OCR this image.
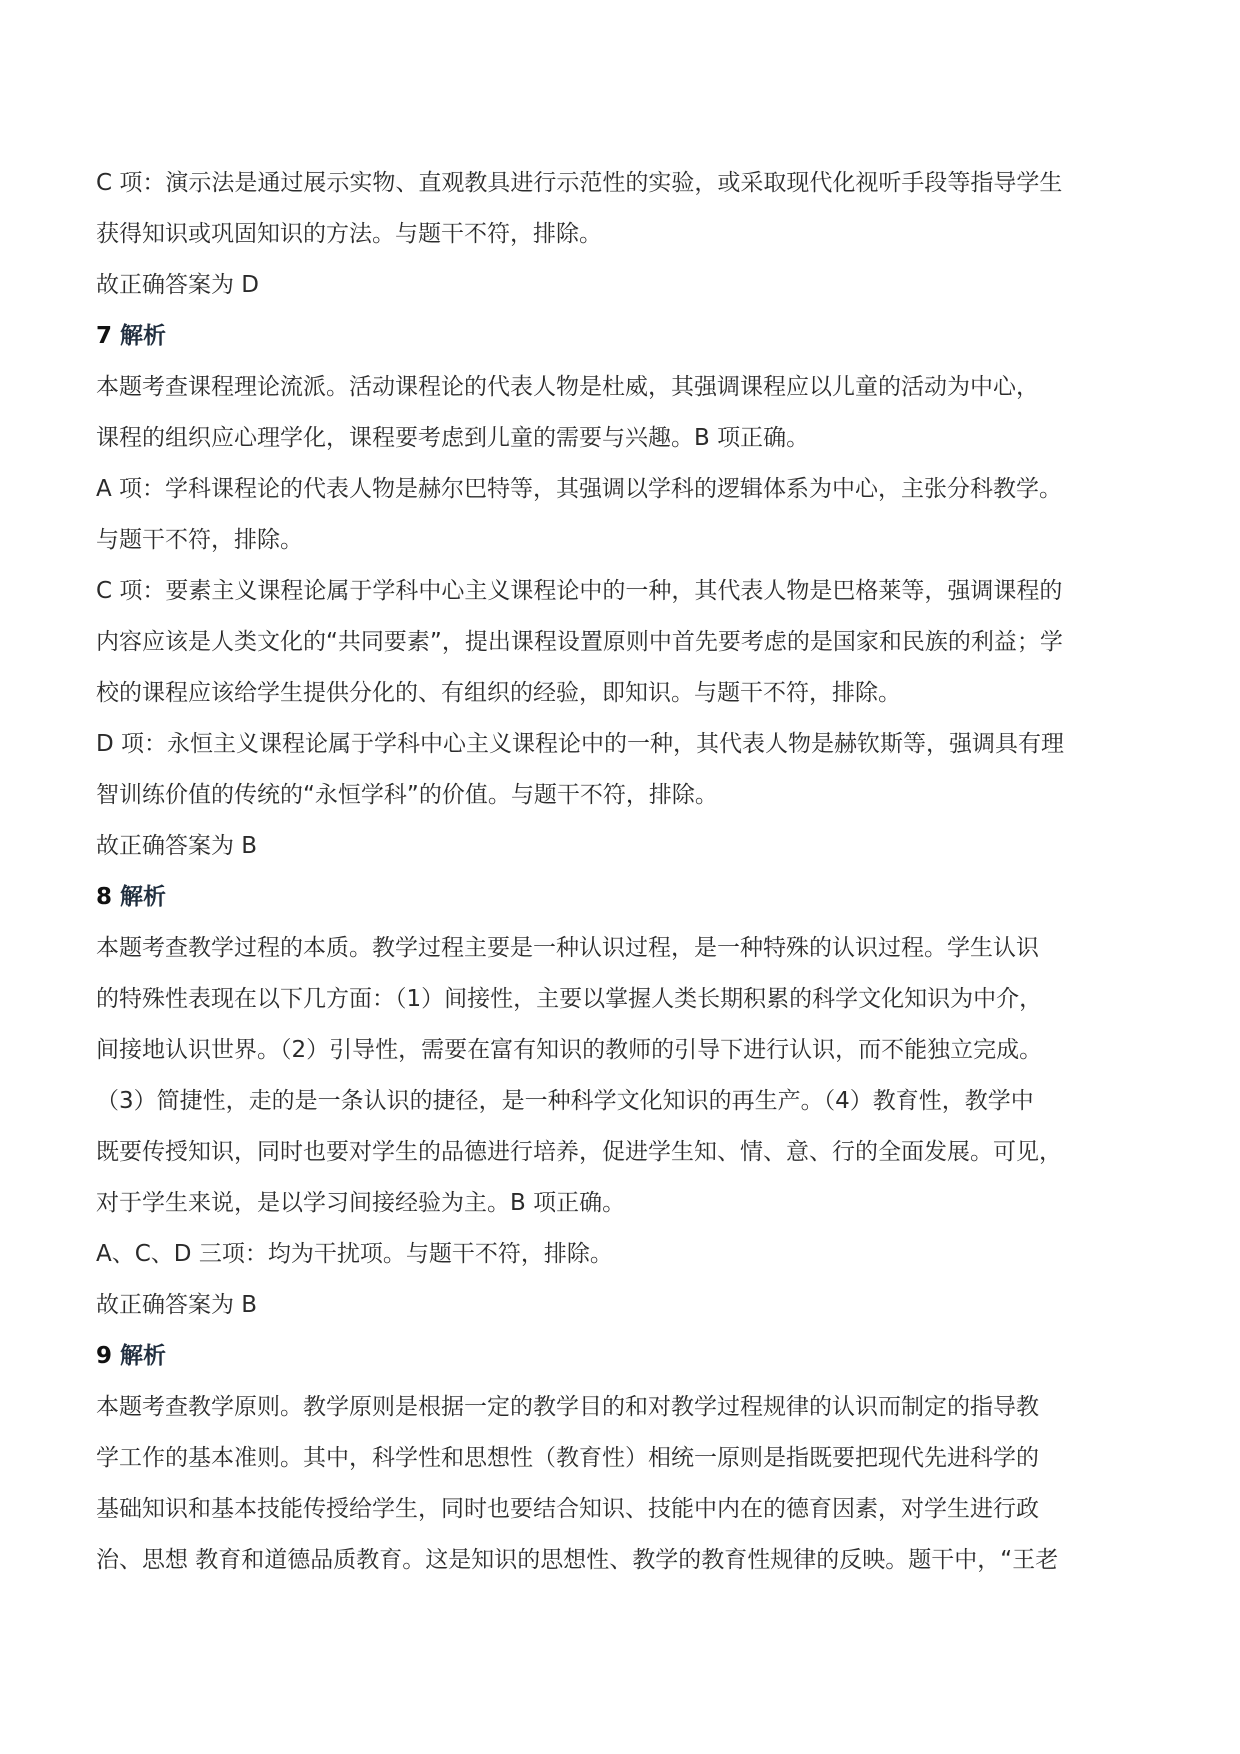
C 项：演示法是通过展示实物、直观教具进行示范性的实验，或采取现代化视听手段等指导学生
获得知识或巩固知识的方法。与题干不符，排除。
故正确答案为 D
7 解析
本题考查课程理论流派。活动课程论的代表人物是杜威，其强调课程应以儿童的活动为中心，
课程的组织应心理学化，课程要考虑到儿童的需要与兴趣。B 项正确。
A 项：学科课程论的代表人物是赫尔巴特等，其强调以学科的逻辑体系为中心，主张分科教学。
与题干不符，排除。
C 项：要素主义课程论属于学科中心主义课程论中的一种，其代表人物是巴格莱等，强调课程的
内容应该是人类文化的“共同要素”，提出课程设置原则中首先要考虑的是国家和民族的利益；学
校的课程应该给学生提供分化的、有组织的经验，即知识。与题干不符，排除。
D 项：永恒主义课程论属于学科中心主义课程论中的一种，其代表人物是赫钦斯等，强调具有理
智训练价值的传统的“永恒学科”的价值。与题干不符，排除。
故正确答案为 B
8 解析
本题考查教学过程的本质。教学过程主要是一种认识过程，是一种特殊的认识过程。学生认识
的特殊性表现在以下几方面：（1）间接性，主要以掌握人类长期积累的科学文化知识为中介，
间接地认识世界。（2）引导性，需要在富有知识的教师的引导下进行认识，而不能独立完成。
（3）简捷性，走的是一条认识的捷径，是一种科学文化知识的再生产。（4）教育性，教学中
既要传授知识，同时也要对学生的品德进行培养，促进学生知、情、意、行的全面发展。可见，
对于学生来说，是以学习间接经验为主。B 项正确。
A、C、D 三项：均为干扰项。与题干不符，排除。
故正确答案为 B
9 解析
本题考查教学原则。教学原则是根据一定的教学目的和对教学过程规律的认识而制定的指导教
学工作的基本准则。其中，科学性和思想性（教育性）相统一原则是指既要把现代先进科学的
基础知识和基本技能传授给学生，同时也要结合知识、技能中内在的德育因素，对学生进行政
治、思想 教育和道德品质教育。这是知识的思想性、教学的教育性规律的反映。题干中，“王老
